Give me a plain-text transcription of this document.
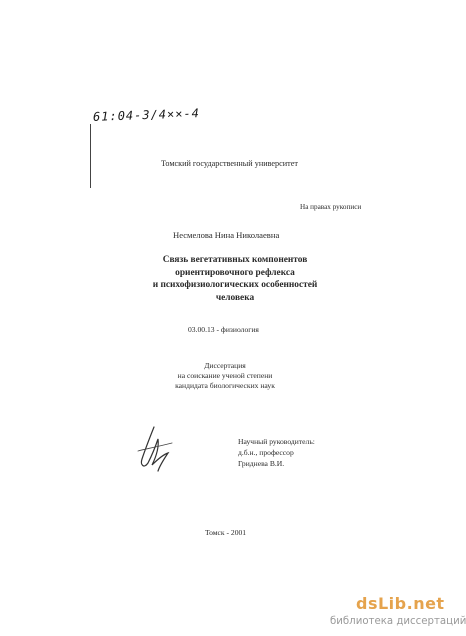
61:04-3/4××-4
Томский государственный университет
На правах рукописи
Несмелова Нина Николаевна
Связь вегетативных компонентов
ориентировочного рефлекса
и психофизиологических особенностей
человека
03.00.13 - физиология
Диссертация
на соискание ученой степени
кандидата биологических наук
Научный руководитель:
д.б.н., профессор
Гриднева В.И.
Томск - 2001
dsLib.net
библиотека диссертаций
